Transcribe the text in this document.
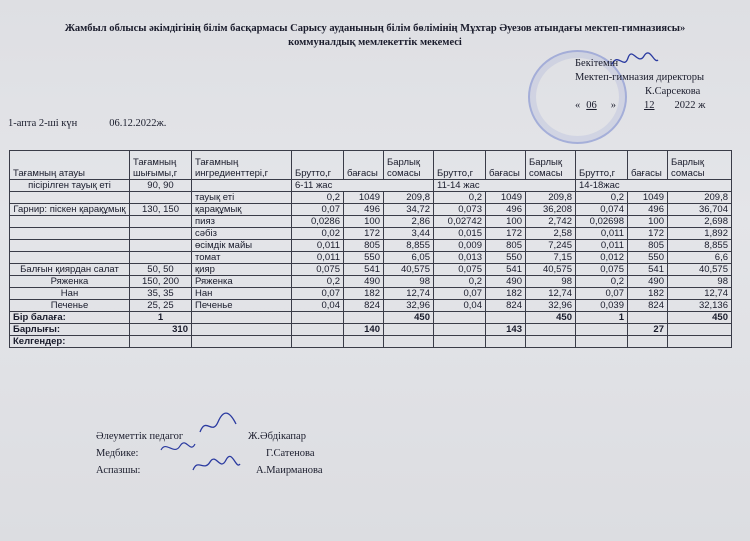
Жамбыл облысы әкімдігінің білім басқармасы Сарысу ауданының білім бөлімінің Мұхтар Әуезов атындағы мектеп-гимназиясы»
коммуналдық мемлекеттік мекемесі
Бекітемін
Мектеп-гимназия директоры
К.Сарсекова
« 06 »	12 2022 ж
1-апта 2-ші күн	06.12.2022ж.
Тағамның атауы	Тағамның шығымы,г	Тағамның ингредиенттері,г	Брутто,г	бағасы	Барлық сомасы	Брутто,г	бағасы	Барлық сомасы	Брутто,г	бағасы	Барлық сомасы
пісірілген тауық еті	90, 90		6-11 жас			11-14 жас			14-18жас		
		тауық еті	0,2	1049	209,8	0,2	1049	209,8	0,2	1049	209,8
Гарнир: піскен қарақұмық	130, 150	қарақұмық	0,07	496	34,72	0,073	496	36,208	0,074	496	36,704
		пияз	0,0286	100	2,86	0,02742	100	2,742	0,02698	100	2,698
		сәбіз	0,02	172	3,44	0,015	172	2,58	0,011	172	1,892
		өсімдік майы	0,011	805	8,855	0,009	805	7,245	0,011	805	8,855
		томат	0,011	550	6,05	0,013	550	7,15	0,012	550	6,6
Балғын қиярдан салат	50, 50	қияр	0,075	541	40,575	0,075	541	40,575	0,075	541	40,575
Ряженка	150, 200	Ряженка	0,2	490	98	0,2	490	98	0,2	490	98
Нан	35, 35	Нан	0,07	182	12,74	0,07	182	12,74	0,07	182	12,74
Печенье	25, 25	Печенье	0,04	824	32,96	0,04	824	32,96	0,039	824	32,136
Бір балаға:	1				450			450	1		450
Барлығы:	310			140			143			27	
Келгендер:											
Әлеуметтік педагог	Ж.Әбдікапар
Медбике:	Г.Сатенова
Аспазшы:	А.Маирманова
